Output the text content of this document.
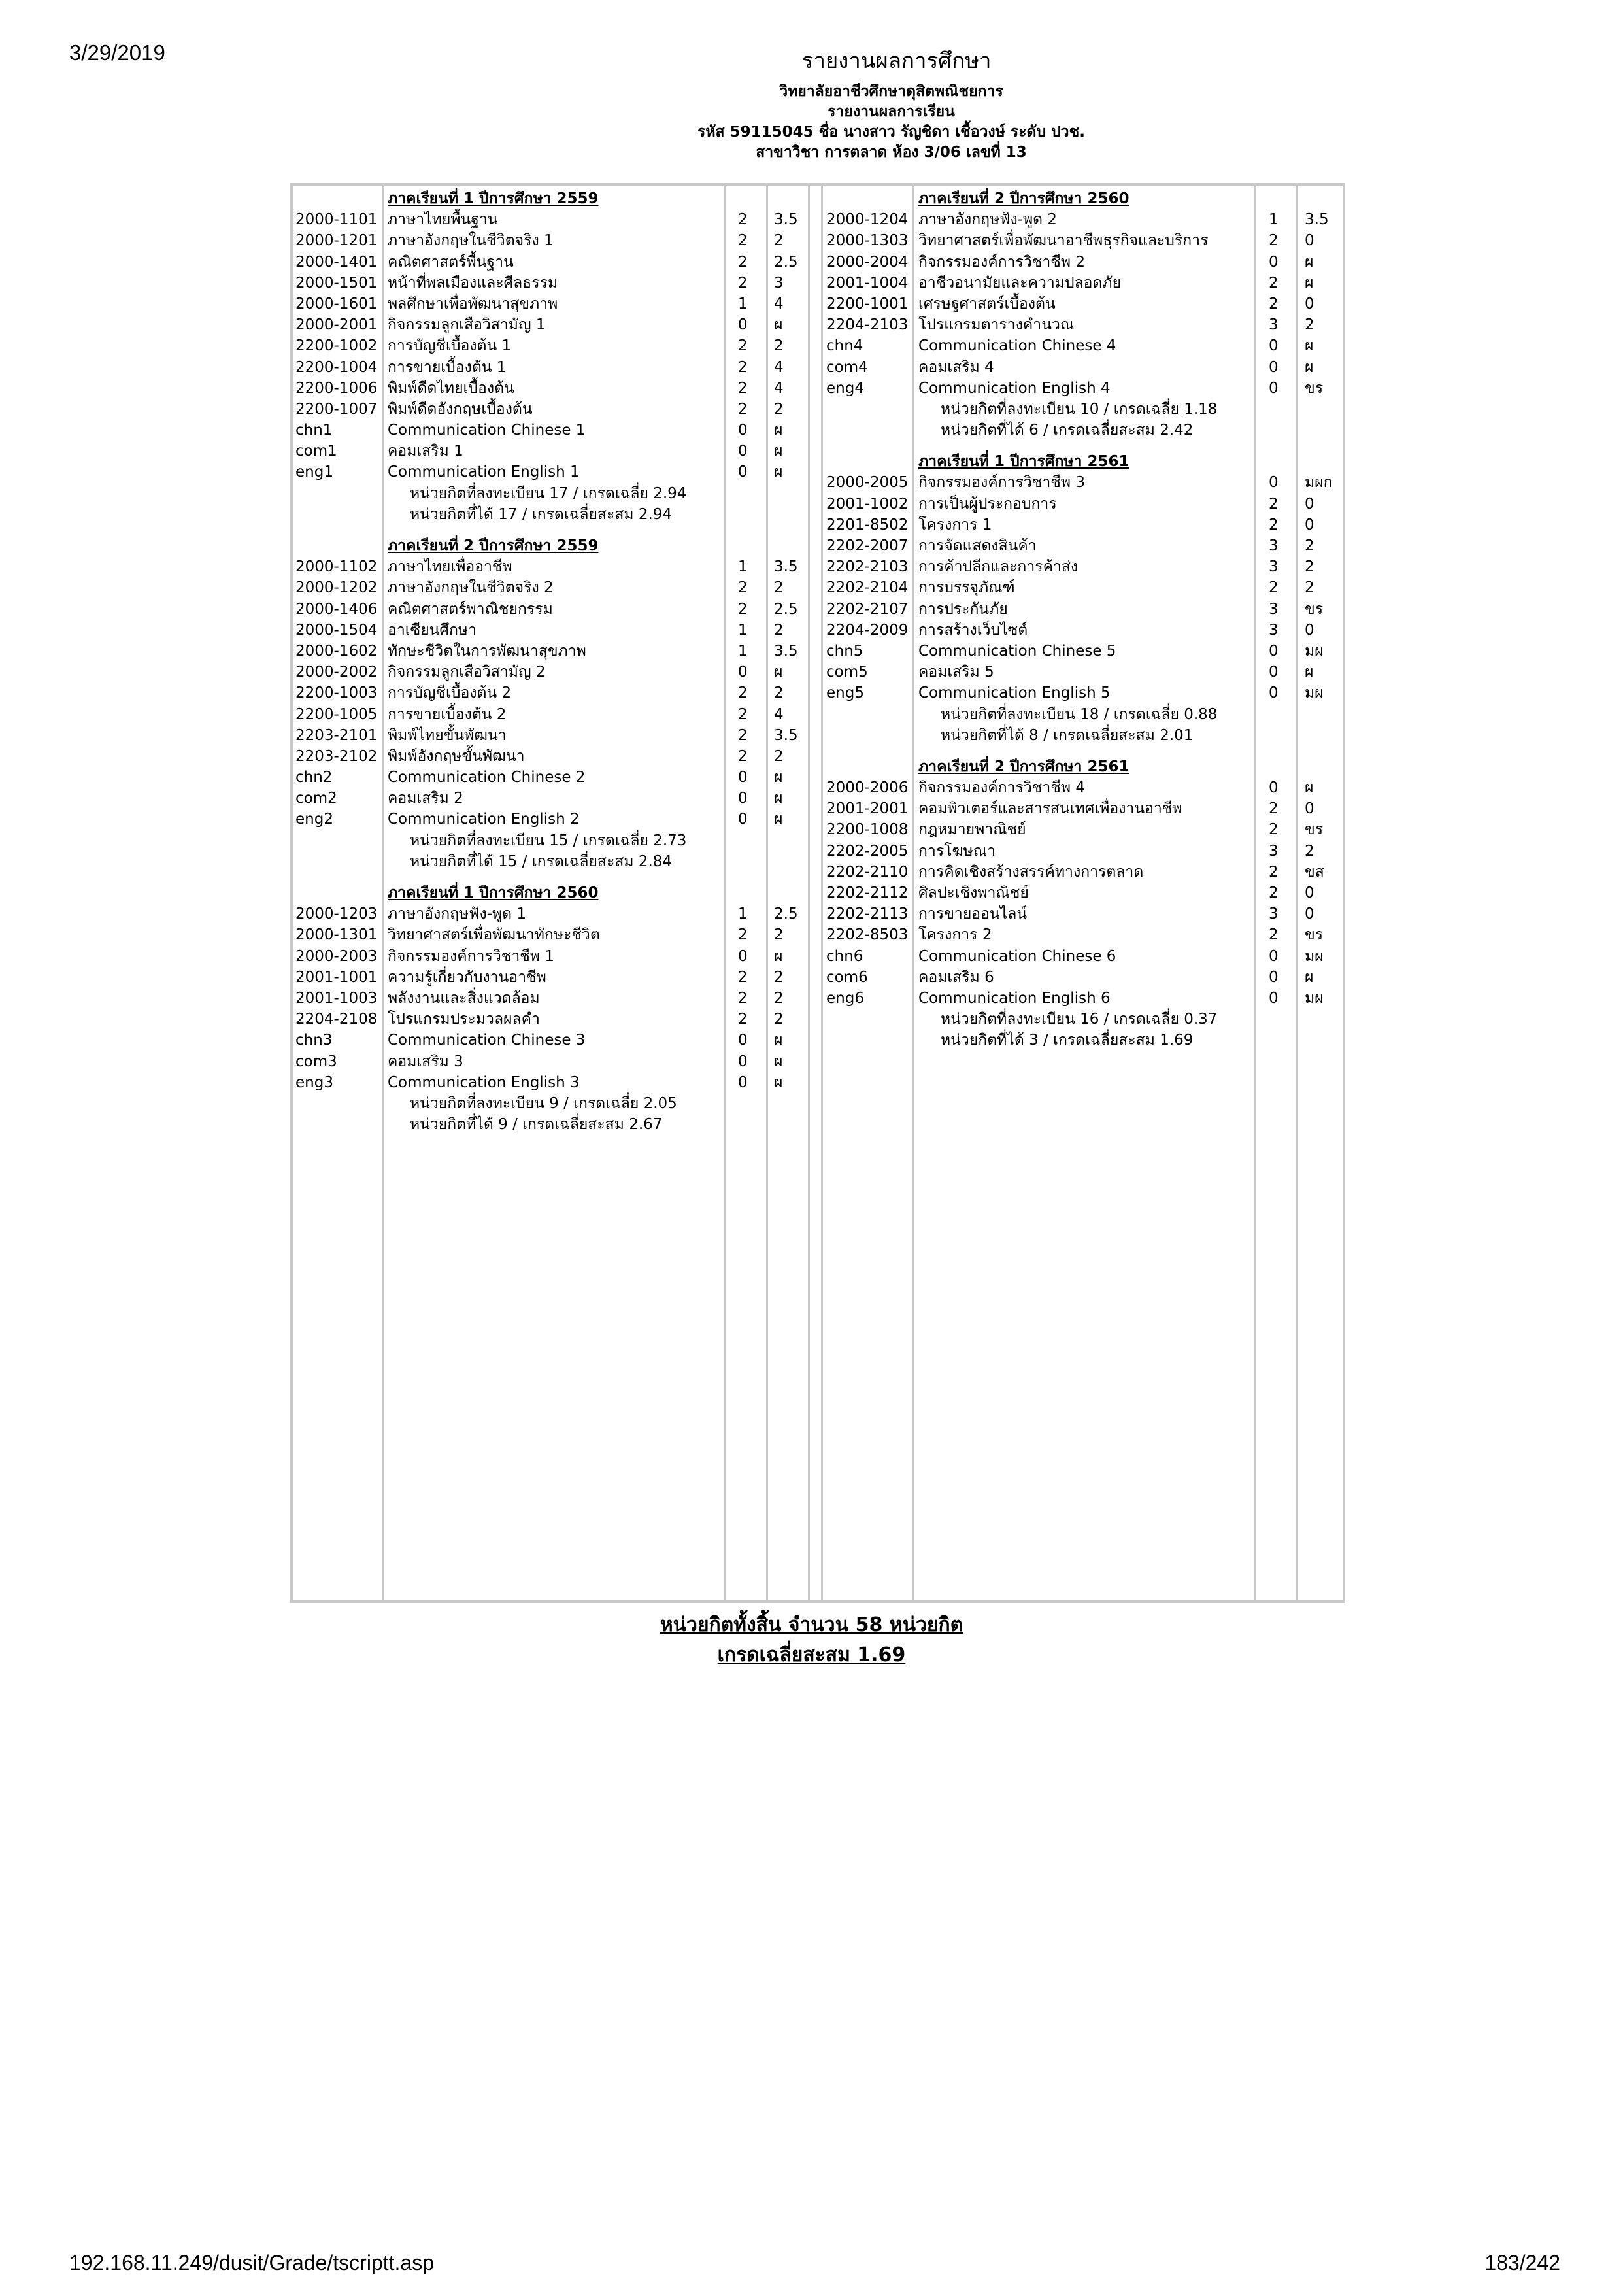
3/29/2019	รายงานผลการศึกษา
วิทยาลัยอาชีวศึกษาดุสิตพณิชยการ
รายงานผลการเรียน
รหัส 59115045 ชื่อ นางสาว รัญชิดา เชื้อวงษ์ ระดับ ปวช.
สาขาวิชา การตลาด ห้อง 3/06 เลขที่ 13
ภาคเรียนที่ 1 ปีการศึกษา 2559
2000-1101 ภาษาไทยพื้นฐาน	2 3.5
2000-1201 ภาษาอังกฤษในชีวิตจริง 1	2 2
2000-1401 คณิตศาสตร์พื้นฐาน	2 2.5
2000-1501 หน้าที่พลเมืองและศีลธรรม	2 3
2000-1601 พลศึกษาเพื่อพัฒนาสุขภาพ	1 4
2000-2001 กิจกรรมลูกเสือวิสามัญ 1	0 ผ
2200-1002 การบัญชีเบื้องต้น 1	2 2
2200-1004 การขายเบื้องต้น 1	2 4
2200-1006 พิมพ์ดีดไทยเบื้องต้น	2 4
2200-1007 พิมพ์ดีดอังกฤษเบื้องต้น	2 2
chn1	Communication Chinese 1	0 ผ
com1	คอมเสริม 1	0 ผ
eng1	Communication English 1	0 ผ
หน่วยกิตที่ลงทะเบียน 17 / เกรดเฉลี่ย 2.94
หน่วยกิตที่ได้ 17 / เกรดเฉลี่ยสะสม 2.94
ภาคเรียนที่ 2 ปีการศึกษา 2559
2000-1102 ภาษาไทยเพื่ออาชีพ	1 3.5
2000-1202 ภาษาอังกฤษในชีวิตจริง 2	2 2
2000-1406 คณิตศาสตร์พาณิชยกรรม	2 2.5
2000-1504 อาเซียนศึกษา	1 2
2000-1602 ทักษะชีวิตในการพัฒนาสุขภาพ	1 3.5
2000-2002 กิจกรรมลูกเสือวิสามัญ 2	0 ผ
2200-1003 การบัญชีเบื้องต้น 2	2 2
2200-1005 การขายเบื้องต้น 2	2 4
2203-2101 พิมพ์ไทยขั้นพัฒนา	2 3.5
2203-2102 พิมพ์อังกฤษขั้นพัฒนา	2 2
chn2	Communication Chinese 2	0 ผ
com2	คอมเสริม 2	0 ผ
eng2	Communication English 2	0 ผ
หน่วยกิตที่ลงทะเบียน 15 / เกรดเฉลี่ย 2.73
หน่วยกิตที่ได้ 15 / เกรดเฉลี่ยสะสม 2.84
ภาคเรียนที่ 1 ปีการศึกษา 2560
2000-1203 ภาษาอังกฤษฟัง-พูด 1	1 2.5
2000-1301 วิทยาศาสตร์เพื่อพัฒนาทักษะชีวิต	2 2
2000-2003 กิจกรรมองค์การวิชาชีพ 1	0 ผ
2001-1001 ความรู้เกี่ยวกับงานอาชีพ	2 2
2001-1003 พลังงานและสิ่งแวดล้อม	2 2
2204-2108 โปรแกรมประมวลผลคำ	2 2
chn3	Communication Chinese 3	0 ผ
com3	คอมเสริม 3	0 ผ
eng3	Communication English 3	0 ผ
หน่วยกิตที่ลงทะเบียน 9 / เกรดเฉลี่ย 2.05
หน่วยกิตที่ได้ 9 / เกรดเฉลี่ยสะสม 2.67
ภาคเรียนที่ 2 ปีการศึกษา 2560
2000-1204 ภาษาอังกฤษฟัง-พูด 2	1 3.5
2000-1303 วิทยาศาสตร์เพื่อพัฒนาอาชีพธุรกิจและบริการ	2 0
2000-2004 กิจกรรมองค์การวิชาชีพ 2	0 ผ
2001-1004 อาชีวอนามัยและความปลอดภัย	2 ผ
2200-1001 เศรษฐศาสตร์เบื้องต้น	2 0
2204-2103 โปรแกรมตารางคำนวณ	3 2
chn4	Communication Chinese 4	0 ผ
com4	คอมเสริม 4	0 ผ
eng4	Communication English 4	0 ขร
หน่วยกิตที่ลงทะเบียน 10 / เกรดเฉลี่ย 1.18
หน่วยกิตที่ได้ 6 / เกรดเฉลี่ยสะสม 2.42
ภาคเรียนที่ 1 ปีการศึกษา 2561
2000-2005 กิจกรรมองค์การวิชาชีพ 3	0 มผก
2001-1002 การเป็นผู้ประกอบการ	2 0
2201-8502 โครงการ 1	2 0
2202-2007 การจัดแสดงสินค้า	3 2
2202-2103 การค้าปลีกและการค้าส่ง	3 2
2202-2104 การบรรจุภัณฑ์	2 2
2202-2107 การประกันภัย	3 ขร
2204-2009 การสร้างเว็บไซต์	3 0
chn5	Communication Chinese 5	0 มผ
com5	คอมเสริม 5	0 ผ
eng5	Communication English 5	0 มผ
หน่วยกิตที่ลงทะเบียน 18 / เกรดเฉลี่ย 0.88
หน่วยกิตที่ได้ 8 / เกรดเฉลี่ยสะสม 2.01
ภาคเรียนที่ 2 ปีการศึกษา 2561
2000-2006 กิจกรรมองค์การวิชาชีพ 4	0 ผ
2001-2001 คอมพิวเตอร์และสารสนเทศเพื่องานอาชีพ	2 0
2200-1008 กฎหมายพาณิชย์	2 ขร
2202-2005 การโฆษณา	3 2
2202-2110 การคิดเชิงสร้างสรรค์ทางการตลาด	2 ขส
2202-2112 ศิลปะเชิงพาณิชย์	2 0
2202-2113 การขายออนไลน์	3 0
2202-8503 โครงการ 2	2 ขร
chn6	Communication Chinese 6	0 มผ
com6	คอมเสริม 6	0 ผ
eng6	Communication English 6	0 มผ
หน่วยกิตที่ลงทะเบียน 16 / เกรดเฉลี่ย 0.37
หน่วยกิตที่ได้ 3 / เกรดเฉลี่ยสะสม 1.69
หน่วยกิตทั้งสิ้น จำนวน 58 หน่วยกิต
เกรดเฉลี่ยสะสม 1.69
192.168.11.249/dusit/Grade/tscriptt.asp	183/242
